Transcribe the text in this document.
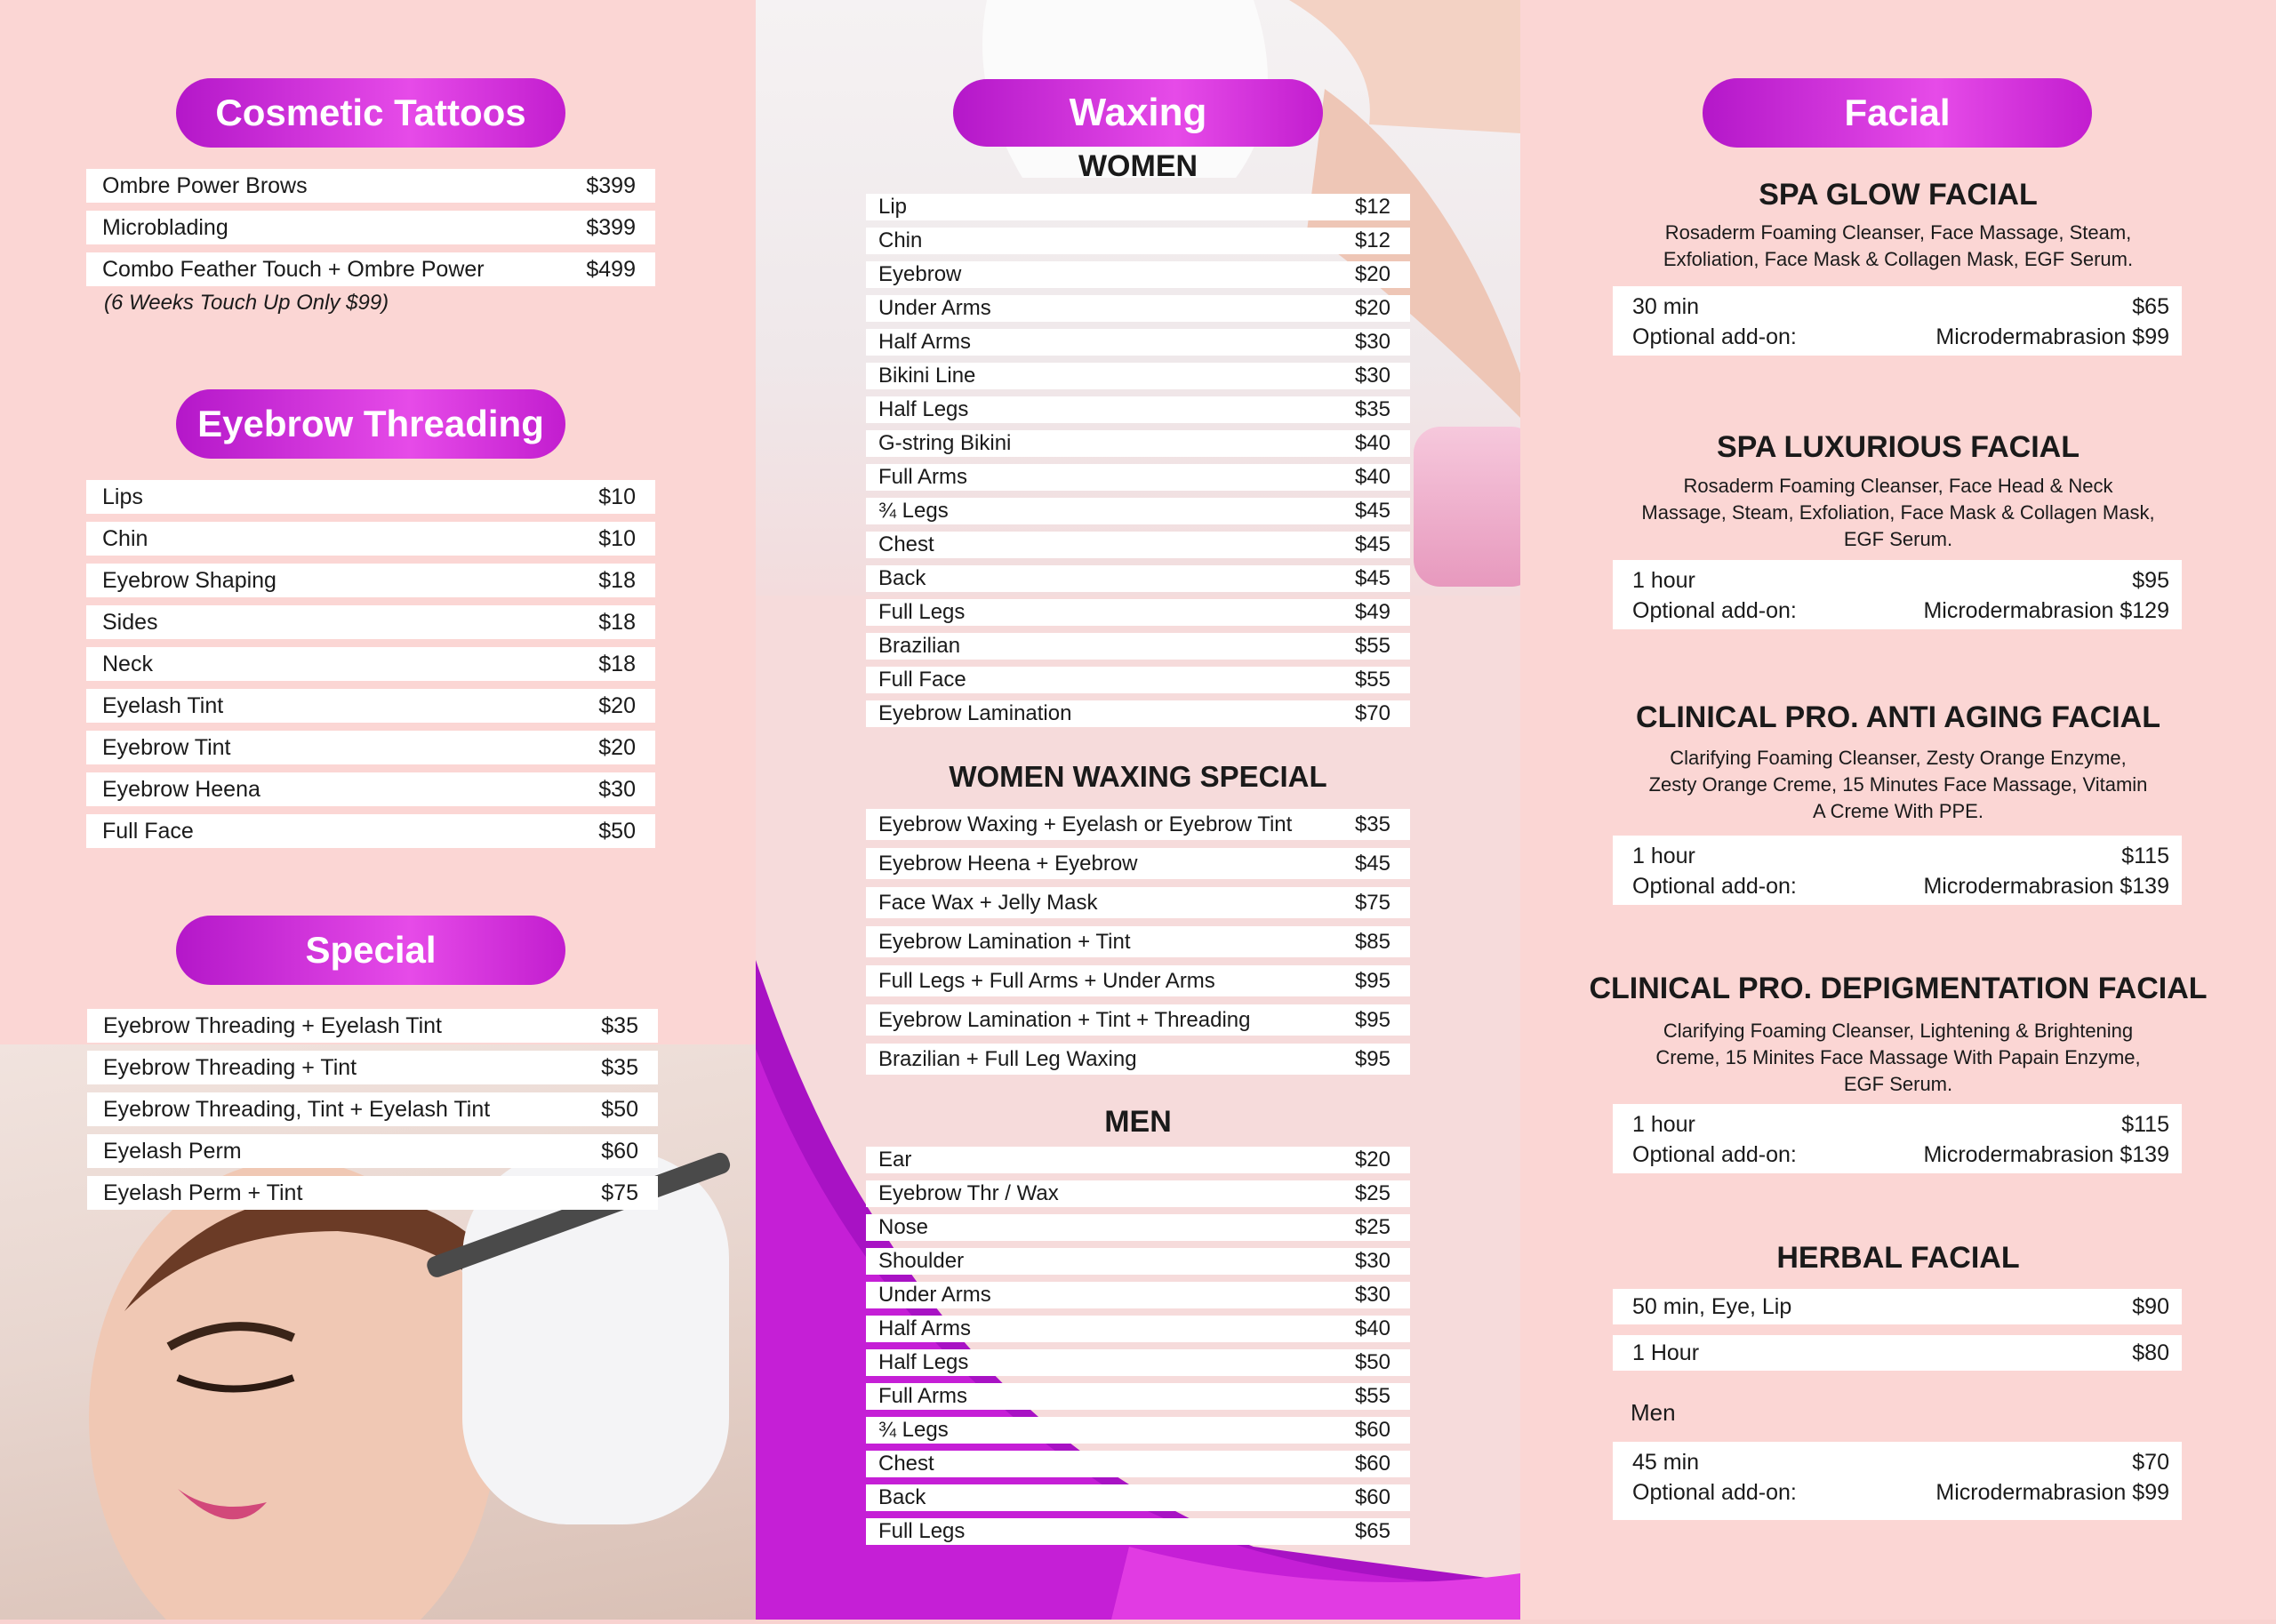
Cosmetic Tattoos
Ombre Power Brows	$399
Microblading	$399
Combo Feather Touch + Ombre Power	$499
(6 Weeks Touch Up Only $99)
Eyebrow Threading
Lips	$10
Chin	$10
Eyebrow Shaping	$18
Sides	$18
Neck	$18
Eyelash Tint	$20
Eyebrow Tint	$20
Eyebrow Heena	$30
Full Face	$50
Special
Eyebrow Threading + Eyelash Tint	$35
Eyebrow Threading + Tint	$35
Eyebrow Threading, Tint + Eyelash Tint	$50
Eyelash Perm	$60
Eyelash Perm + Tint	$75
Waxing
WOMEN
Lip	$12
Chin	$12
Eyebrow	$20
Under Arms	$20
Half Arms	$30
Bikini Line	$30
Half Legs	$35
G-string Bikini	$40
Full Arms	$40
¾ Legs	$45
Chest	$45
Back	$45
Full Legs	$49
Brazilian	$55
Full Face	$55
Eyebrow Lamination	$70
WOMEN WAXING SPECIAL
Eyebrow Waxing + Eyelash or Eyebrow Tint	$35
Eyebrow Heena + Eyebrow	$45
Face Wax + Jelly Mask	$75
Eyebrow Lamination + Tint	$85
Full Legs + Full Arms + Under Arms	$95
Eyebrow Lamination + Tint + Threading	$95
Brazilian + Full Leg Waxing	$95
MEN
Ear	$20
Eyebrow Thr / Wax	$25
Nose	$25
Shoulder	$30
Under Arms	$30
Half Arms	$40
Half Legs	$50
Full Arms	$55
¾ Legs	$60
Chest	$60
Back	$60
Full Legs	$65
Facial
SPA GLOW FACIAL
Rosaderm Foaming Cleanser, Face Massage, Steam,
Exfoliation, Face Mask & Collagen Mask, EGF Serum.
30 min	$65
Optional add-on:	Microdermabrasion $99
SPA LUXURIOUS FACIAL
Rosaderm Foaming Cleanser, Face Head & Neck
Massage, Steam, Exfoliation, Face Mask & Collagen Mask,
EGF Serum.
1 hour	$95
Optional add-on:	Microdermabrasion $129
CLINICAL PRO. ANTI AGING FACIAL
Clarifying Foaming Cleanser, Zesty Orange Enzyme,
Zesty Orange Creme, 15 Minutes Face Massage, Vitamin
A Creme With PPE.
1 hour	$115
Optional add-on:	Microdermabrasion $139
CLINICAL PRO. DEPIGMENTATION FACIAL
Clarifying Foaming Cleanser, Lightening & Brightening
Creme, 15 Minites Face Massage With Papain Enzyme,
EGF Serum.
1 hour	$115
Optional add-on:	Microdermabrasion $139
HERBAL FACIAL
50 min, Eye, Lip	$90
1 Hour	$80
Men
45 min	$70
Optional add-on:	Microdermabrasion $99
